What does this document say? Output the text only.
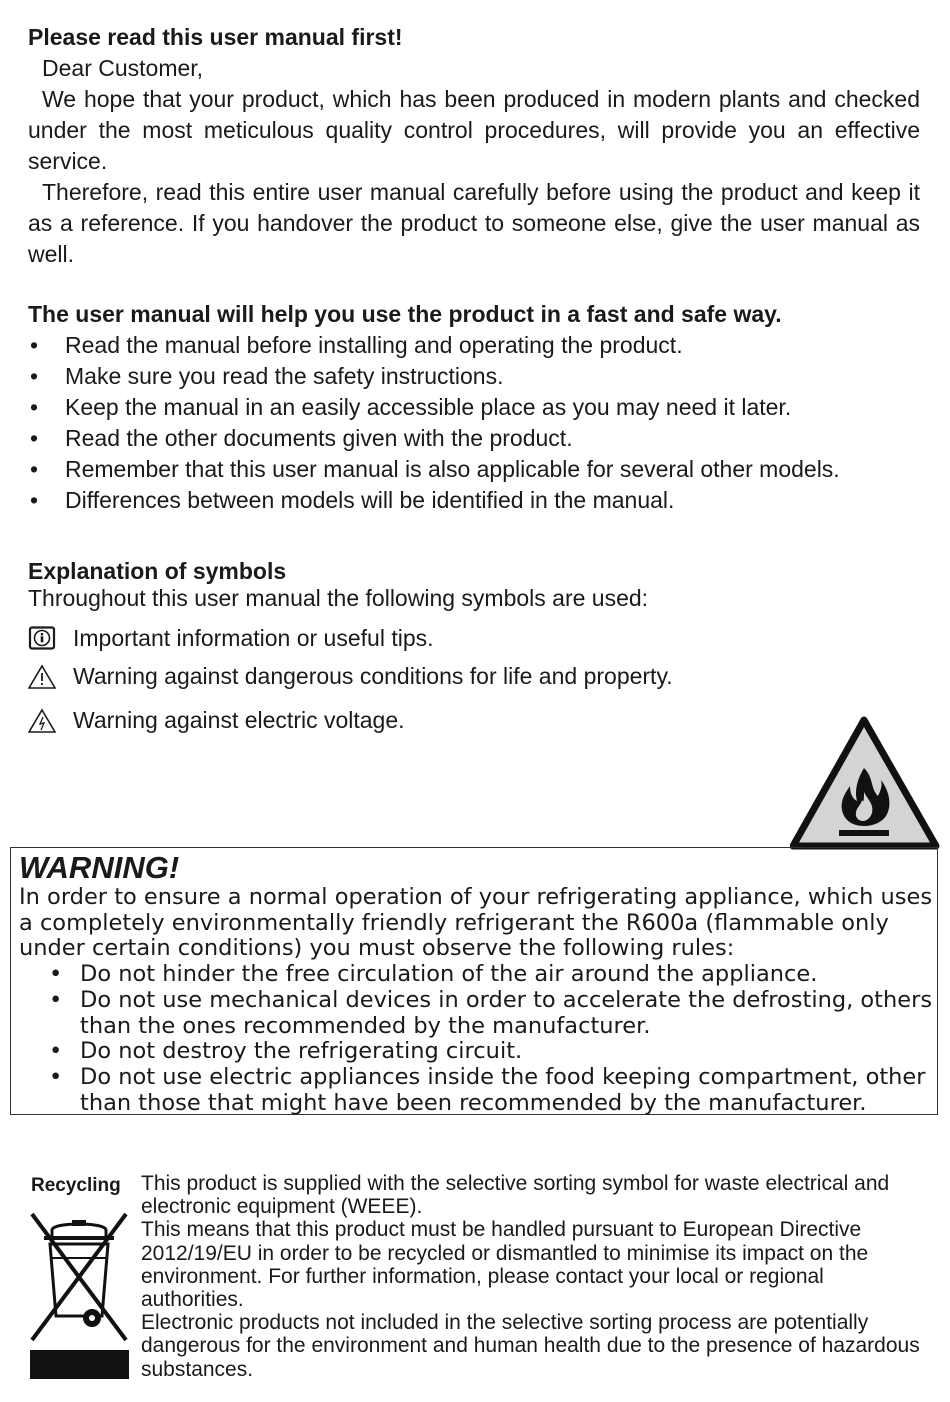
Please read this user manual first!
Dear Customer,
We hope that your product, which has been produced in modern plants and checked under the most meticulous quality control procedures, will provide you an effective service.
Therefore, read this entire user manual carefully before using the product and keep it as a reference. If you handover the product to someone else, give the user manual as well.
The user manual will help you use the product in a fast and safe way.
• Read the manual before installing and operating the product.
• Make sure you read the safety instructions.
• Keep the manual in an easily accessible place as you may need it later.
• Read the other documents given with the product.
• Remember that this user manual is also applicable for several other models.
• Differences between models will be identified in the manual.
Explanation of symbols
Throughout this user manual the following symbols are used:
Important information or useful tips.
Warning against dangerous conditions for life and property.
Warning against electric voltage.
WARNING!
In order to ensure a normal operation of your refrigerating appliance, which uses a completely environmentally friendly refrigerant the R600a (flammable only under certain conditions) you must observe the following rules:
• Do not hinder the free circulation of the air around the appliance.
• Do not use mechanical devices in order to accelerate the defrosting, others than the ones recommended by the manufacturer.
• Do not destroy the refrigerating circuit.
• Do not use electric appliances inside the food keeping compartment, other than those that might have been recommended by the manufacturer.
Recycling This product is supplied with the selective sorting symbol for waste electrical and electronic equipment (WEEE).

This means that this product must be handled pursuant to European Directive 2012/19/EU in order to be recycled or dismantled to minimise its impact on the environment. For further information, please contact your local or regional authorities.

Electronic products not included in the selective sorting process are potentially dangerous for the environment and human health due to the presence of hazardous substances.
